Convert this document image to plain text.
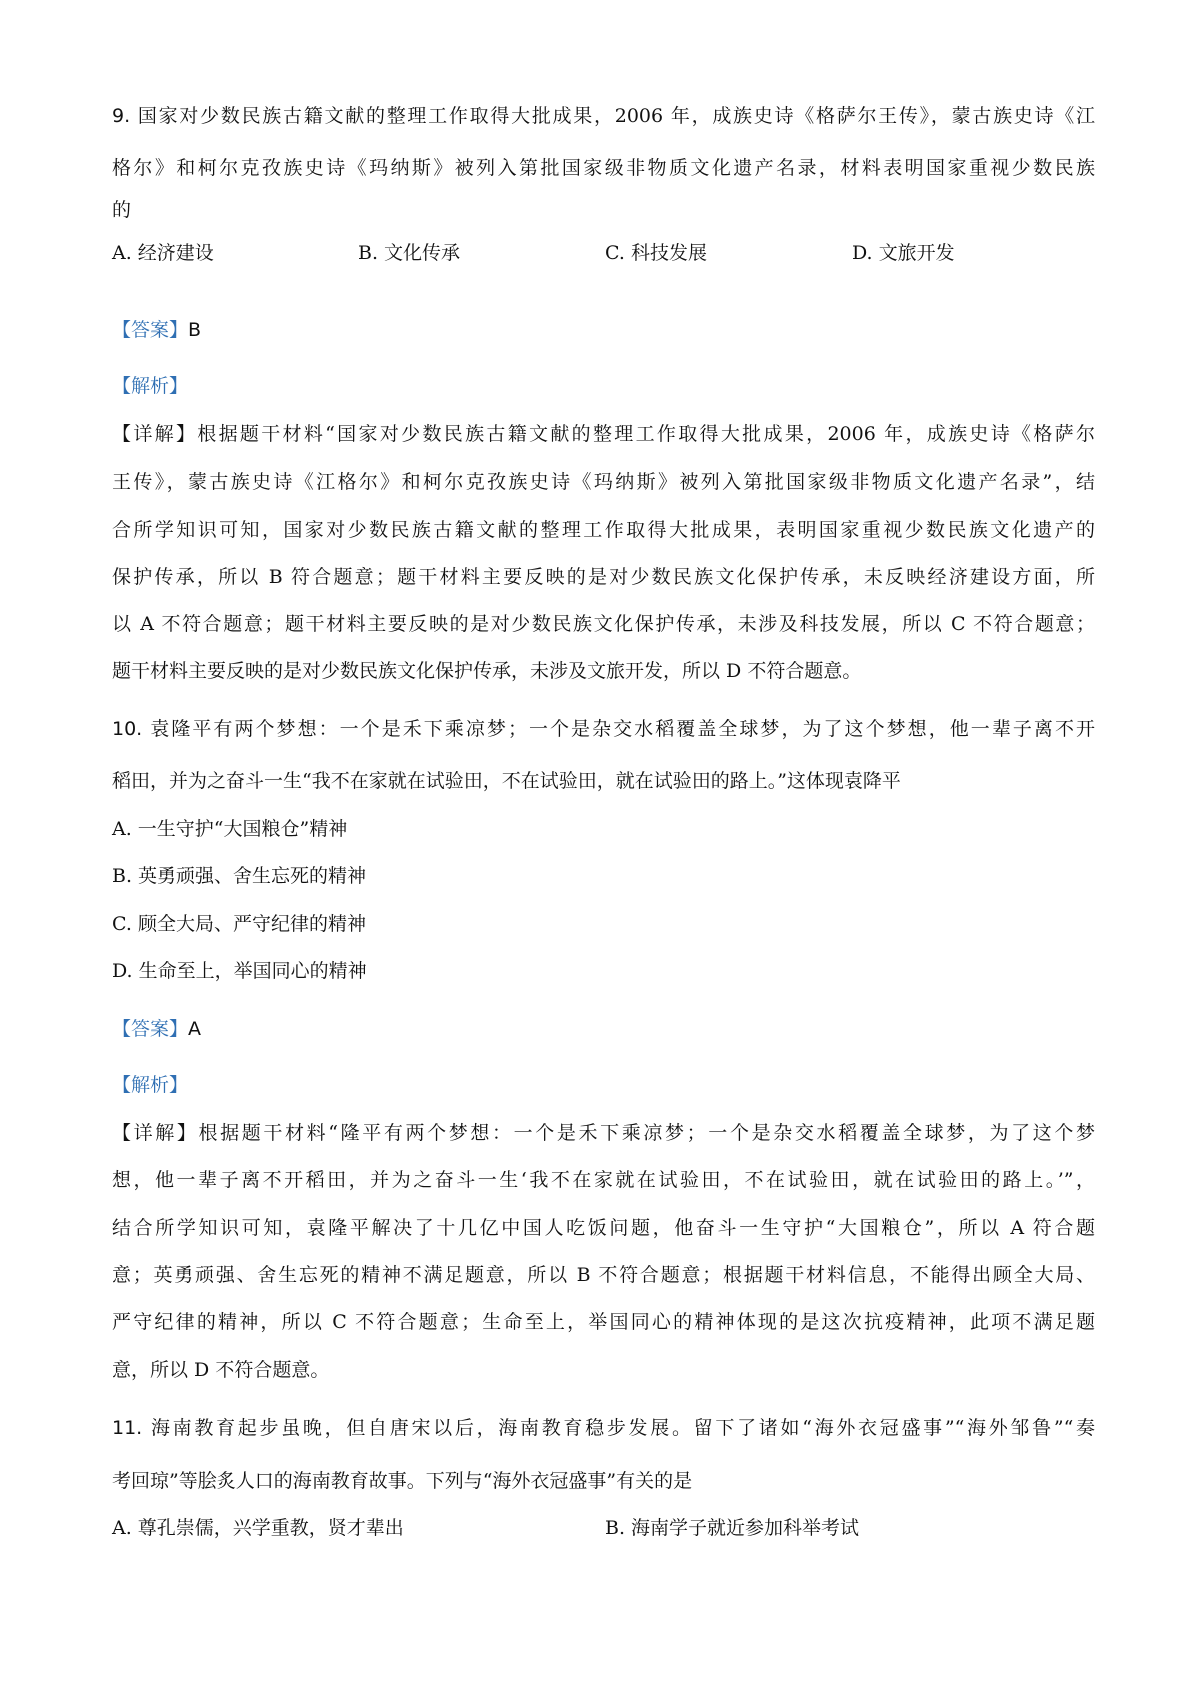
9. 国家对少数民族古籍文献的整理工作取得大批成果，2006 年，成族史诗《格萨尔王传》，蒙古族史诗《江
格尔》和柯尔克孜族史诗《玛纳斯》被列入第批国家级非物质文化遗产名录，材料表明国家重视少数民族
的
A. 经济建设	B. 文化传承	C. 科技发展	D. 文旅开发
【答案】B
【解析】
【详解】根据题干材料“国家对少数民族古籍文献的整理工作取得大批成果，2006 年，成族史诗《格萨尔
王传》，蒙古族史诗《江格尔》和柯尔克孜族史诗《玛纳斯》被列入第批国家级非物质文化遗产名录”，结
合所学知识可知，国家对少数民族古籍文献的整理工作取得大批成果，表明国家重视少数民族文化遗产的
保护传承，所以 B 符合题意；题干材料主要反映的是对少数民族文化保护传承，未反映经济建设方面，所
以 A 不符合题意；题干材料主要反映的是对少数民族文化保护传承，未涉及科技发展，所以 C 不符合题意；
题干材料主要反映的是对少数民族文化保护传承，未涉及文旅开发，所以 D 不符合题意。
10. 袁隆平有两个梦想：一个是禾下乘凉梦；一个是杂交水稻覆盖全球梦，为了这个梦想，他一辈子离不开
稻田，并为之奋斗一生“我不在家就在试验田，不在试验田，就在试验田的路上。”这体现袁降平
A. 一生守护“大国粮仓”精神
B. 英勇顽强、舍生忘死的精神
C. 顾全大局、严守纪律的精神
D. 生命至上，举国同心的精神
【答案】A
【解析】
【详解】根据题干材料“隆平有两个梦想：一个是禾下乘凉梦；一个是杂交水稻覆盖全球梦，为了这个梦
想，他一辈子离不开稻田，并为之奋斗一生‘我不在家就在试验田，不在试验田，就在试验田的路上。’”，
结合所学知识可知，袁隆平解决了十几亿中国人吃饭问题，他奋斗一生守护“大国粮仓”，所以 A 符合题
意；英勇顽强、舍生忘死的精神不满足题意，所以 B 不符合题意；根据题干材料信息，不能得出顾全大局、
严守纪律的精神，所以 C 不符合题意；生命至上，举国同心的精神体现的是这次抗疫精神，此项不满足题
意，所以 D 不符合题意。
11. 海南教育起步虽晚，但自唐宋以后，海南教育稳步发展。留下了诸如“海外衣冠盛事”“海外邹鲁”“奏
考回琼”等脍炙人口的海南教育故事。下列与“海外衣冠盛事”有关的是
A. 尊孔崇儒，兴学重教，贤才辈出	B. 海南学子就近参加科举考试
